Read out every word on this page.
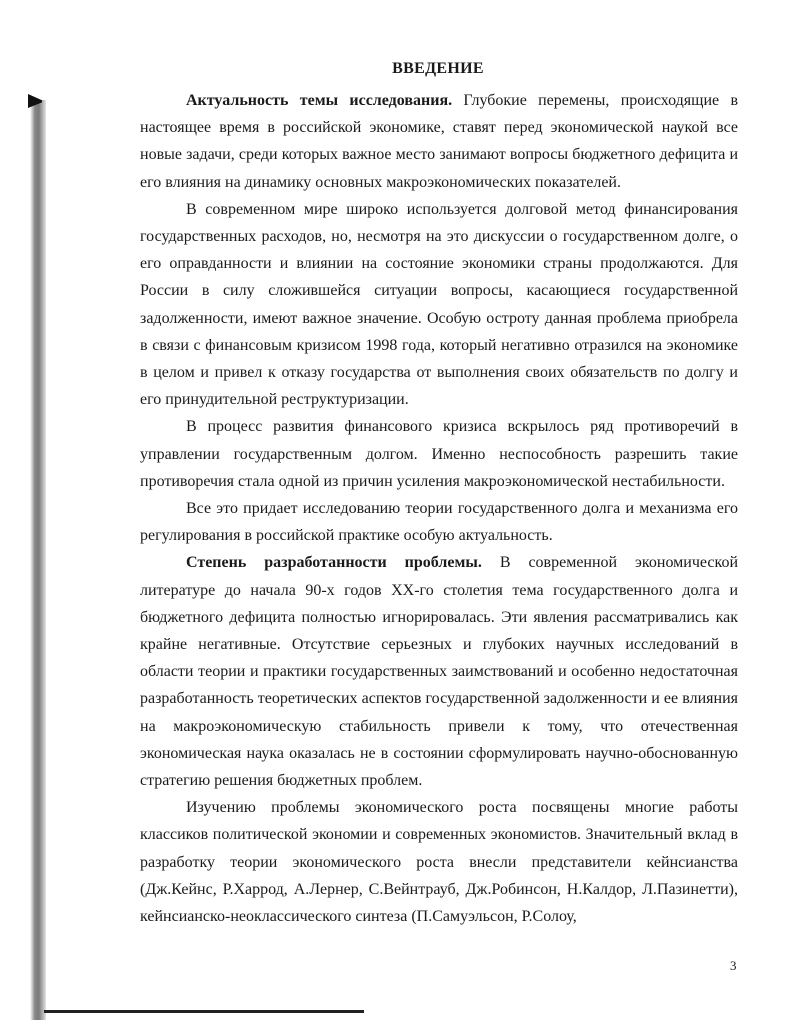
ВВЕДЕНИЕ

Актуальность темы исследования. Глубокие перемены, происходящие в настоящее время в российской экономике, ставят перед экономической наукой все новые задачи, среди которых важное место занимают вопросы бюджетного дефицита и его влияния на динамику основных макроэкономических показателей.

В современном мире широко используется долговой метод финансирования государственных расходов, но, несмотря на это дискуссии о государственном долге, о его оправданности и влиянии на состояние экономики страны продолжаются. Для России в силу сложившейся ситуации вопросы, касающиеся государственной задолженности, имеют важное значение. Особую остроту данная проблема приобрела в связи с финансовым кризисом 1998 года, который негативно отразился на экономике в целом и привел к отказу государства от выполнения своих обязательств по долгу и его принудительной реструктуризации.

В процесс развития финансового кризиса вскрылось ряд противоречий в управлении государственным долгом. Именно неспособность разрешить такие противоречия стала одной из причин усиления макроэкономической нестабильности.

Все это придает исследованию теории государственного долга и механизма его регулирования в российской практике особую актуальность.

Степень разработанности проблемы. В современной экономической литературе до начала 90-х годов ХХ-го столетия тема государственного долга и бюджетного дефицита полностью игнорировалась. Эти явления рассматривались как крайне негативные. Отсутствие серьезных и глубоких научных исследований в области теории и практики государственных заимствований и особенно недостаточная разработанность теоретических аспектов государственной задолженности и ее влияния на макроэкономическую стабильность привели к тому, что отечественная экономическая наука оказалась не в состоянии сформулировать научно-обоснованную стратегию решения бюджетных проблем.

Изучению проблемы экономического роста посвящены многие работы классиков политической экономии и современных экономистов. Значительный вклад в разработку теории экономического роста внесли представители кейнсианства (Дж.Кейнс, Р.Харрод, А.Лернер, С.Вейнтрауб, Дж.Робинсон, Н.Калдор, Л.Пазинетти), кейнсианско-неоклассического синтеза (П.Самуэльсон, Р.Солоу,

3
